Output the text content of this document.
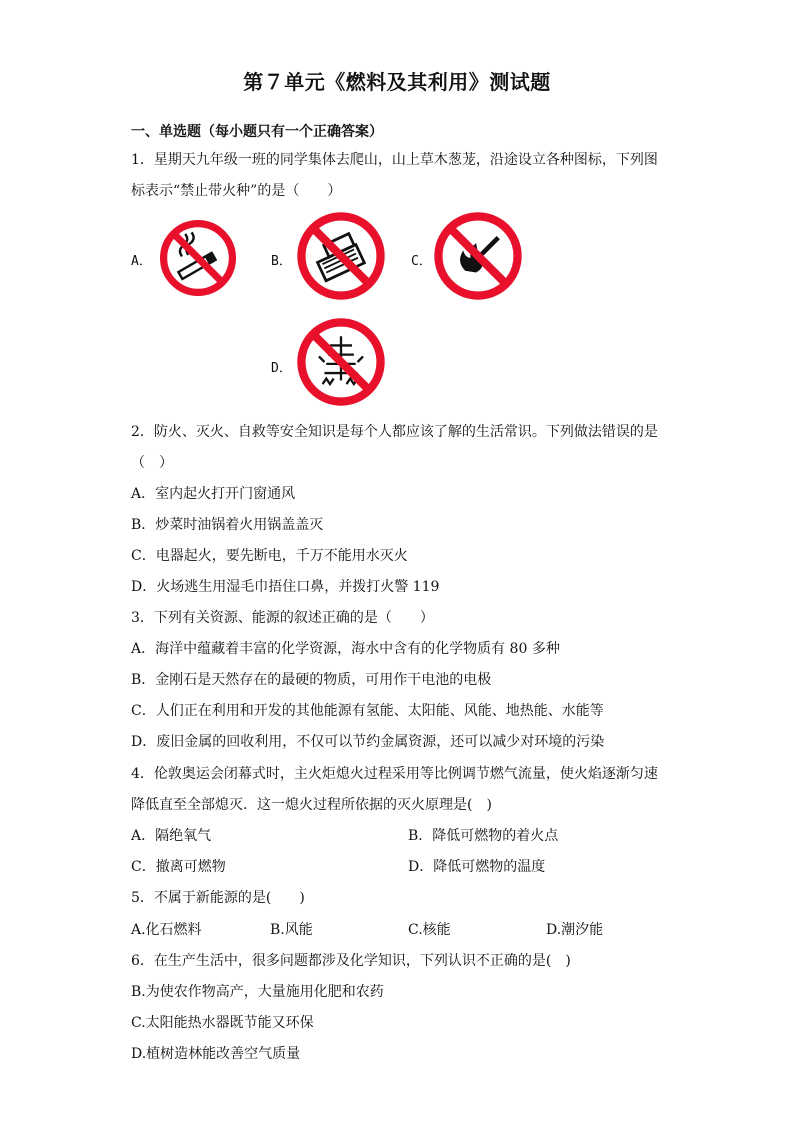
第７单元《燃料及其利用》测试题
一、单选题（每小题只有一个正确答案）
1．星期天九年级一班的同学集体去爬山，山上草木葱茏，沿途设立各种图标，下列图
标表示“禁止带火种”的是（　　）
A．	B．	C．
D．
2．防火、灭火、自救等安全知识是每个人都应该了解的生活常识。下列做法错误的是
（　）
A．室内起火打开门窗通风
B．炒菜时油锅着火用锅盖盖灭
C．电器起火，要先断电，千万不能用水灭火
D．火场逃生用湿毛巾捂住口鼻，并拨打火警 119
3．下列有关资源、能源的叙述正确的是（　　）
A．海洋中蕴藏着丰富的化学资源，海水中含有的化学物质有 80 多种
B．金刚石是天然存在的最硬的物质，可用作干电池的电极
C．人们正在利用和开发的其他能源有氢能、太阳能、风能、地热能、水能等
D．废旧金属的回收利用，不仅可以节约金属资源，还可以减少对环境的污染
4．伦敦奥运会闭幕式时，主火炬熄火过程采用等比例调节燃气流量，使火焰逐渐匀速
降低直至全部熄灭．这一熄火过程所依据的灭火原理是(　)
A．隔绝氧气	B．降低可燃物的着火点
C．撤离可燃物	D．降低可燃物的温度
5．不属于新能源的是(　　)
A.化石燃料	B.风能	C.核能	D.潮汐能
6．在生产生活中，很多问题都涉及化学知识，下列认识不正确的是(　)
B.为使农作物高产，大量施用化肥和农药
C.太阳能热水器既节能又环保
D.植树造林能改善空气质量
